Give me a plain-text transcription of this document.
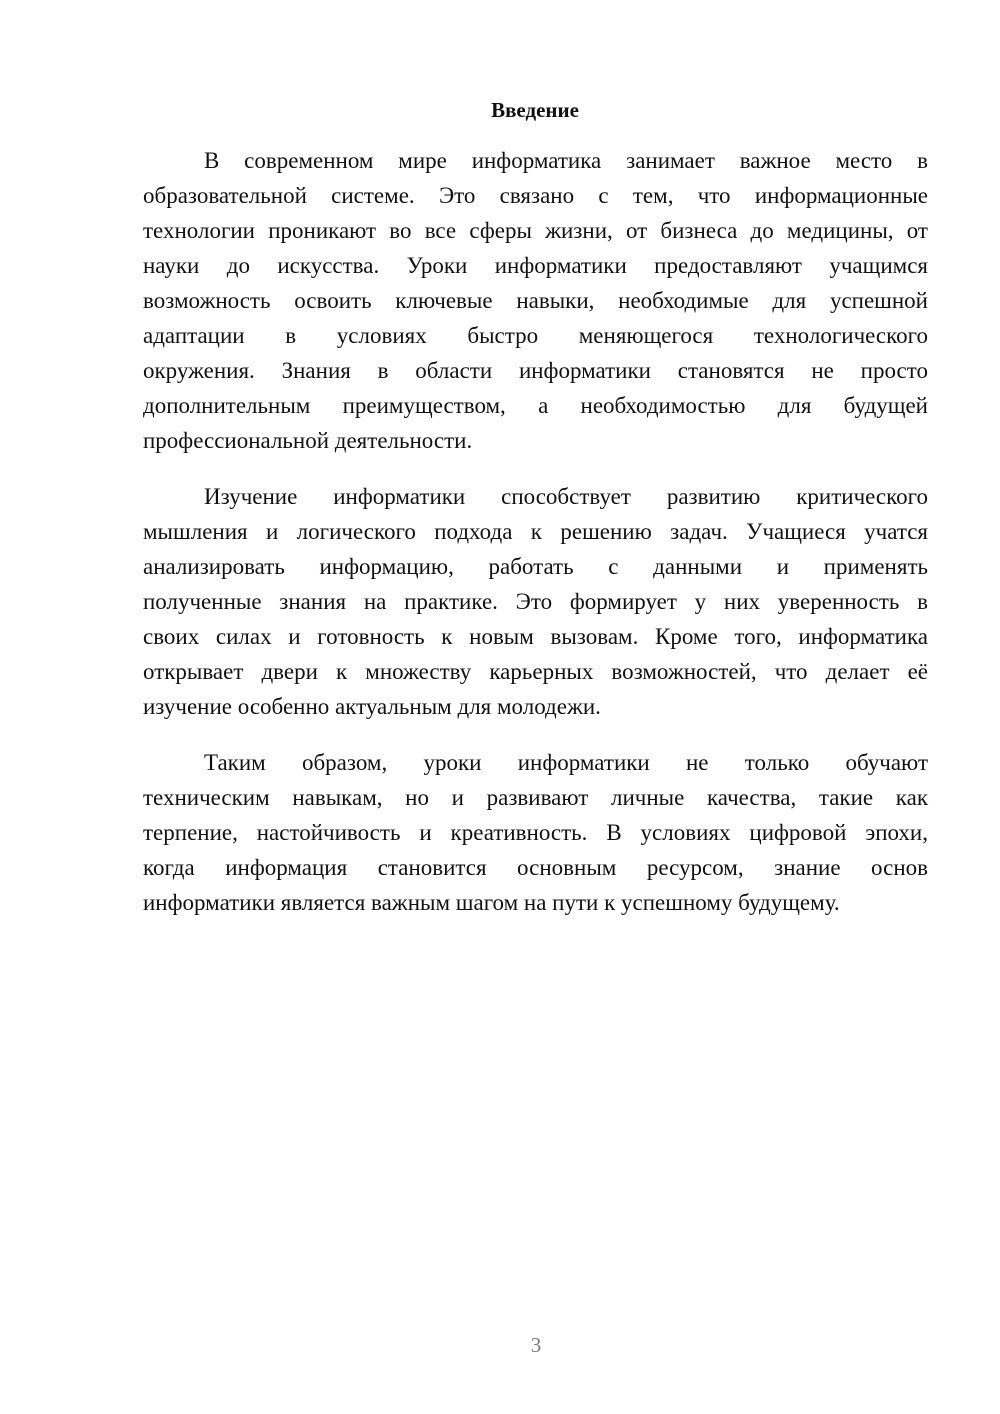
Введение
В современном мире информатика занимает важное место в
образовательной системе. Это связано с тем, что информационные
технологии проникают во все сферы жизни, от бизнеса до медицины, от
науки до искусства. Уроки информатики предоставляют учащимся
возможность освоить ключевые навыки, необходимые для успешной
адаптации в условиях быстро меняющегося технологического
окружения. Знания в области информатики становятся не просто
дополнительным преимуществом, а необходимостью для будущей
профессиональной деятельности.
Изучение информатики способствует развитию критического
мышления и логического подхода к решению задач. Учащиеся учатся
анализировать информацию, работать с данными и применять
полученные знания на практике. Это формирует у них уверенность в
своих силах и готовность к новым вызовам. Кроме того, информатика
открывает двери к множеству карьерных возможностей, что делает её
изучение особенно актуальным для молодежи.
Таким образом, уроки информатики не только обучают
техническим навыкам, но и развивают личные качества, такие как
терпение, настойчивость и креативность. В условиях цифровой эпохи,
когда информация становится основным ресурсом, знание основ
информатики является важным шагом на пути к успешному будущему.
3
